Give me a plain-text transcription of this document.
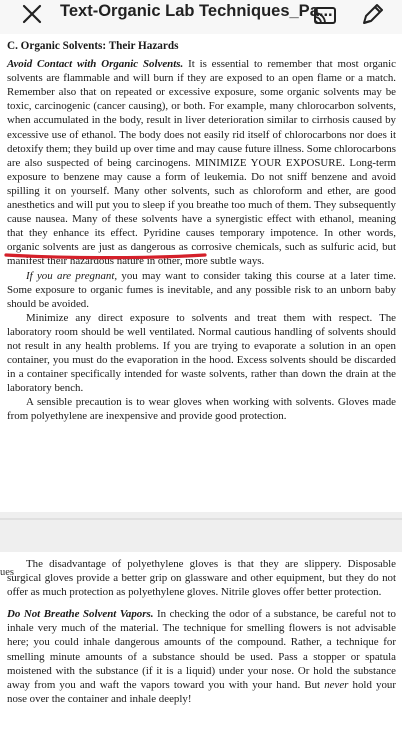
Text-Organic Lab Techniques_Pa...

C. Organic Solvents: Their Hazards

Avoid Contact with Organic Solvents. It is essential to remember that most organic solvents are flammable and will burn if they are exposed to an open flame or a match. Remember also that on repeated or excessive exposure, some organic solvents may be toxic, carcinogenic (cancer causing), or both. For example, many chlorocarbon solvents, when accumulated in the body, result in liver deterioration similar to cirrhosis caused by excessive use of ethanol. The body does not easily rid itself of chlorocarbons nor does it detoxify them; they build up over time and may cause future illness. Some chlorocarbons are also suspected of being carcinogens. MINIMIZE YOUR EXPOSURE. Long-term exposure to benzene may cause a form of leukemia. Do not sniff benzene and avoid spilling it on yourself. Many other solvents, such as chloroform and ether, are good anesthetics and will put you to sleep if you breathe too much of them. They subsequently cause nausea. Many of these solvents have a synergistic effect with ethanol, meaning that they enhance its effect. Pyridine causes temporary impotence. In other words, organic solvents are just as dangerous as corrosive chemicals, such as sulfuric acid, but manifest their hazardous nature in other, more subtle ways.

If you are pregnant, you may want to consider taking this course at a later time. Some exposure to organic fumes is inevitable, and any possible risk to an unborn baby should be avoided.

Minimize any direct exposure to solvents and treat them with respect. The laboratory room should be well ventilated. Normal cautious handling of solvents should not result in any health problems. If you are trying to evaporate a solution in an open container, you must do the evaporation in the hood. Excess solvents should be discarded in a container specifically intended for waste solvents, rather than down the drain at the laboratory bench.

A sensible precaution is to wear gloves when working with solvents. Gloves made from polyethylene are inexpensive and provide good protection.

The disadvantage of polyethylene gloves is that they are slippery. Disposable surgical gloves provide a better grip on glassware and other equipment, but they do not offer as much protection as polyethylene gloves. Nitrile gloves offer better protection.

Do Not Breathe Solvent Vapors. In checking the odor of a substance, be careful not to inhale very much of the material. The technique for smelling flowers is not advisable here; you could inhale dangerous amounts of the compound. Rather, a technique for smelling minute amounts of a substance should be used. Pass a stopper or spatula moistened with the substance (if it is a liquid) under your nose. Or hold the substance away from you and waft the vapors toward you with your hand. But never hold your nose over the container and inhale deeply!

ues
